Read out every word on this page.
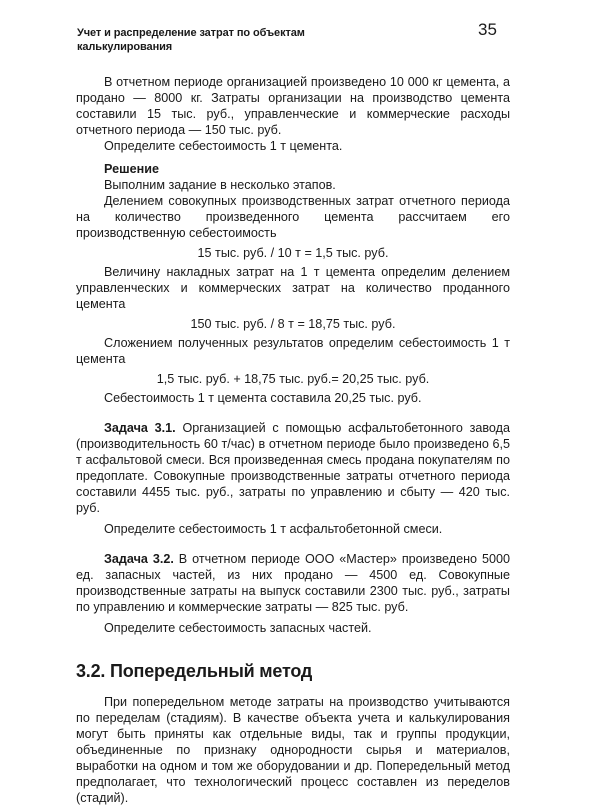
Учет и распределение затрат по объектам
калькулирования
35

В отчетном периоде организацией произведено 10 000 кг цемента, а продано — 8000 кг. Затраты организации на производство цемента составили 15 тыс. руб., управленческие и коммерческие расходы отчетного периода — 150 тыс. руб.

Определите себестоимость 1 т цемента.

Решение

Выполним задание в несколько этапов.

Делением совокупных производственных затрат отчетного периода на количество произведенного цемента рассчитаем его производственную себестоимость

15 тыс. руб. / 10 т = 1,5 тыс. руб.

Величину накладных затрат на 1 т цемента определим делением управленческих и коммерческих затрат на количество проданного цемента

150 тыс. руб. / 8 т = 18,75 тыс. руб.

Сложением полученных результатов определим себестоимость 1 т цемента

1,5 тыс. руб. + 18,75 тыс. руб.= 20,25 тыс. руб.

Себестоимость 1 т цемента составила 20,25 тыс. руб.

Задача 3.1. Организацией с помощью асфальтобетонного завода (производительность 60 т/час) в отчетном периоде было произведено 6,5 т асфальтовой смеси. Вся произведенная смесь продана покупателям по предоплате. Совокупные производственные затраты отчетного периода составили 4455 тыс. руб., затраты по управлению и сбыту — 420 тыс. руб.

Определите себестоимость 1 т асфальтобетонной смеси.

Задача 3.2. В отчетном периоде ООО «Мастер» произведено 5000 ед. запасных частей, из них продано — 4500 ед. Совокупные производственные затраты на выпуск составили 2300 тыс. руб., затраты по управлению и коммерческие затраты — 825 тыс. руб.

Определите себестоимость запасных частей.

3.2. Попередельный метод

При попередельном методе затраты на производство учитываются по переделам (стадиям). В качестве объекта учета и калькулирования могут быть приняты как отдельные виды, так и группы продукции, объединенные по признаку однородности сырья и материалов, выработки на одном и том же оборудовании и др. Попередельный метод предполагает, что технологический процесс составлен из переделов (стадий).
